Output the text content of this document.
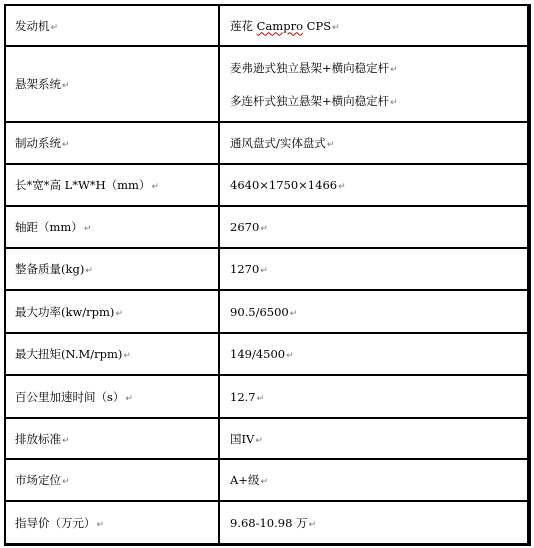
发动机↵	莲花 Campro CPS↵
悬架系统↵	麦弗逊式独立悬架+横向稳定杆↵
多连杆式独立悬架+横向稳定杆↵

制动系统↵	通风盘式/实体盘式↵
长*宽*高 L*W*H（mm）↵	4640×1750×1466↵
轴距（mm）↵	2670↵
整备质量(kg)↵	1270↵
最大功率(kw/rpm)↵	90.5/6500↵
最大扭矩(N.M/rpm)↵	149/4500↵
百公里加速时间（s）↵	12.7↵
排放标准↵	国IV↵
市场定位↵	A+级↵
指导价（万元）↵	9.68-10.98 万↵
